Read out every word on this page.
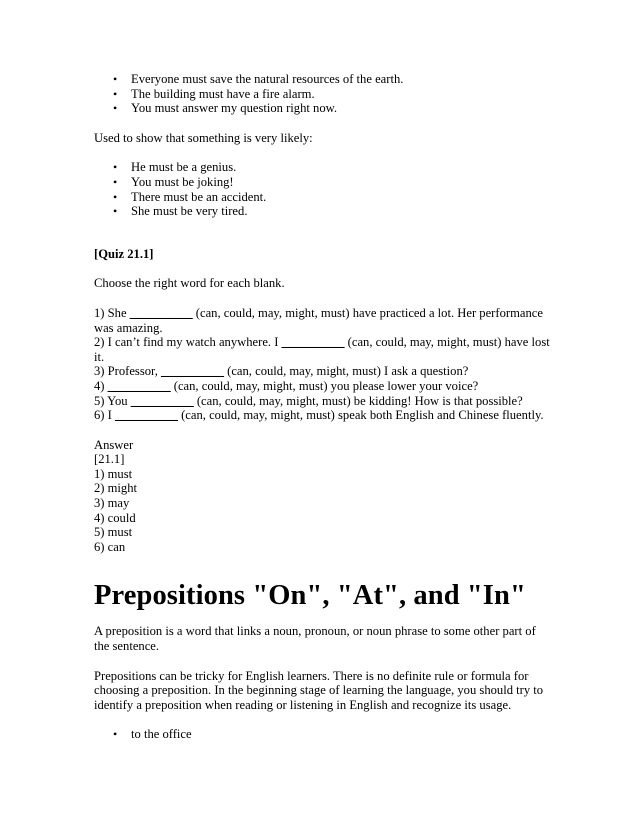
• Everyone must save the natural resources of the earth.
• The building must have a fire alarm.
• You must answer my question right now.

Used to show that something is very likely:

• He must be a genius.
• You must be joking!
• There must be an accident.
• She must be very tired.

[Quiz 21.1]

Choose the right word for each blank.

1) She __________ (can, could, may, might, must) have practiced a lot. Her performance was amazing.

2) I can’t find my watch anywhere. I __________ (can, could, may, might, must) have lost it.

3) Professor, __________ (can, could, may, might, must) I ask a question?

4) __________ (can, could, may, might, must) you please lower your voice?

5) You __________ (can, could, may, might, must) be kidding! How is that possible?

6) I __________ (can, could, may, might, must) speak both English and Chinese fluently.

Answer

[21.1]

1) must

2) might

3) may

4) could

5) must

6) can

Prepositions "On", "At", and "In"

A preposition is a word that links a noun, pronoun, or noun phrase to some other part of the sentence.

Prepositions can be tricky for English learners. There is no definite rule or formula for choosing a preposition. In the beginning stage of learning the language, you should try to identify a preposition when reading or listening in English and recognize its usage.

• to the office
